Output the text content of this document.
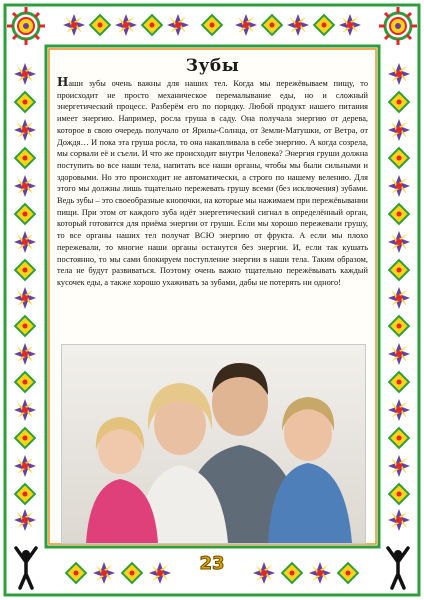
Зубы
Наши зубы очень важны для наших тел. Когда мы пережёвываем пищу, то происходит не просто механическое перемалывание еды, но и сложный энергетический процесс. Разберём его по порядку. Любой продукт нашего питания имеет энергию. Например, росла груша в саду. Она получала энергию от дерева, которое в свою очередь получало от Ярилы-Солнца, от Земли-Матушки, от Ветра, от Дождя… И пока эта груша росла, то она накапливала в себе энергию. А когда созрела, мы сорвали её и съели. И что же происходит внутри Человека? Энергия груши должна поступить во все наши тела, напитать все наши органы, чтобы мы были сильными и здоровыми. Но это происходит не автоматически, а строго по нашему велению. Для этого мы должны лишь тщательно пережевать грушу всеми (без исключения) зубами. Ведь зубы – это своеобразные кнопочки, на которые мы нажимаем при пережёвывании пищи. При этом от каждого зуба идёт энергетический сигнал в определённый орган, который готовится для приёма энергии от груши. Если мы хорошо пережевали грушу, то все органы наших тел получат ВСЮ энергию от фрукта. А если мы плохо пережевали, то многие наши органы останутся без энергии. И, если так кушать постоянно, то мы сами блокируем поступление энергии в наши тела. Таким образом, тела не будут развиваться. Поэтому очень важно тщательно пережёвывать каждый кусочек еды, а также хорошо ухаживать за зубами, дабы не потерять ни одного!
23
